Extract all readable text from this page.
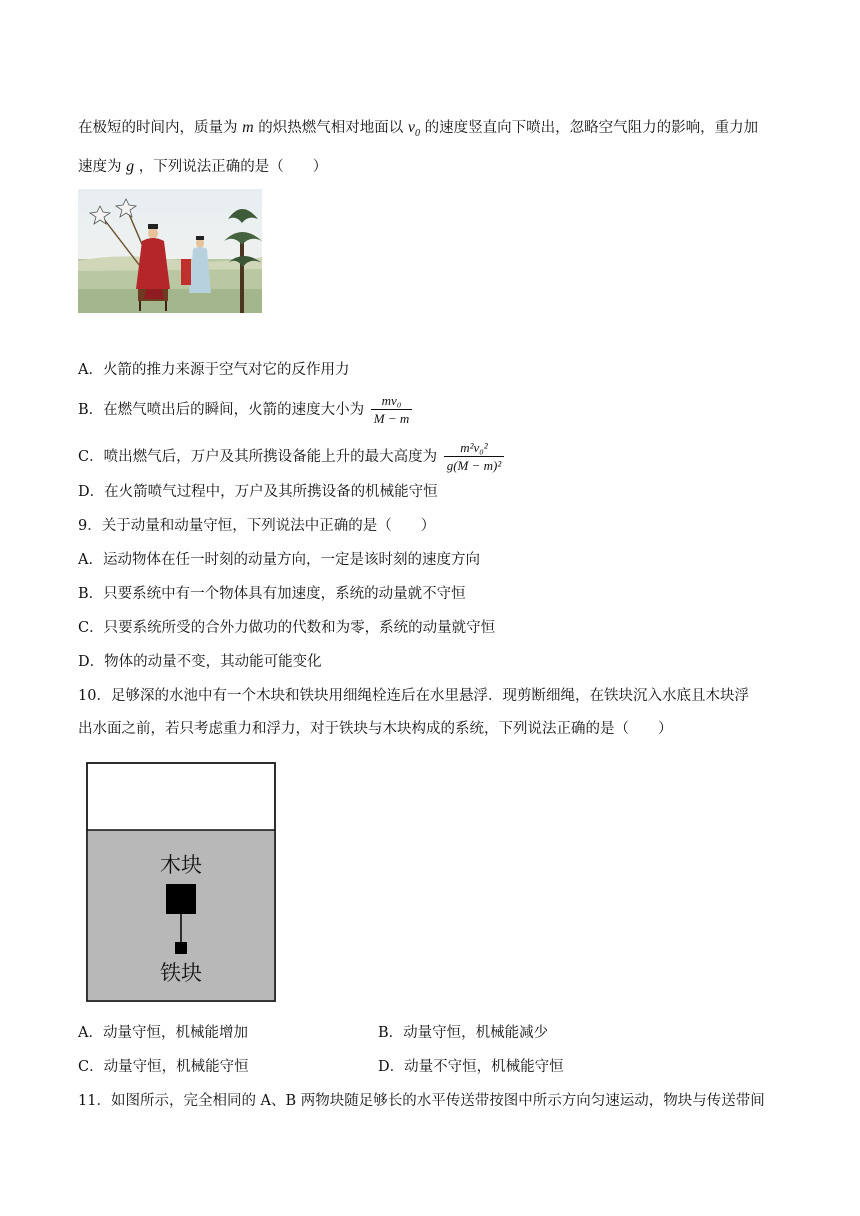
在极短的时间内，质量为 m 的炽热燃气相对地面以 $v_0$ 的速度竖直向下喷出，忽略空气阻力的影响，重力加
速度为 g ，下列说法正确的是（　　）
A．火箭的推力来源于空气对它的反作用力
B．在燃气喷出后的瞬间，火箭的速度大小为 $\frac{\text{mv₀}}{M - m}$
C．喷出燃气后，万户及其所携设备能上升的最大高度为 $\frac{\text{m²v₀²}}{\text{g(M − m)²}}$
D．在火箭喷气过程中，万户及其所携设备的机械能守恒
9．关于动量和动量守恒，下列说法中正确的是（　　）
A．运动物体在任一时刻的动量方向，一定是该时刻的速度方向
B．只要系统中有一个物体具有加速度，系统的动量就不守恒
C．只要系统所受的合外力做功的代数和为零，系统的动量就守恒
D．物体的动量不变，其动能可能变化
10．足够深的水池中有一个木块和铁块用细绳栓连后在水里悬浮．现剪断细绳，在铁块沉入水底且木块浮
出水面之前，若只考虑重力和浮力，对于铁块与木块构成的系统，下列说法正确的是（　　）
木块
铁块
A．动量守恒，机械能增加	B．动量守恒，机械能减少
C．动量守恒，机械能守恒	D．动量不守恒，机械能守恒
11．如图所示，完全相同的 A、B 两物块随足够长的水平传送带按图中所示方向匀速运动，物块与传送带间
